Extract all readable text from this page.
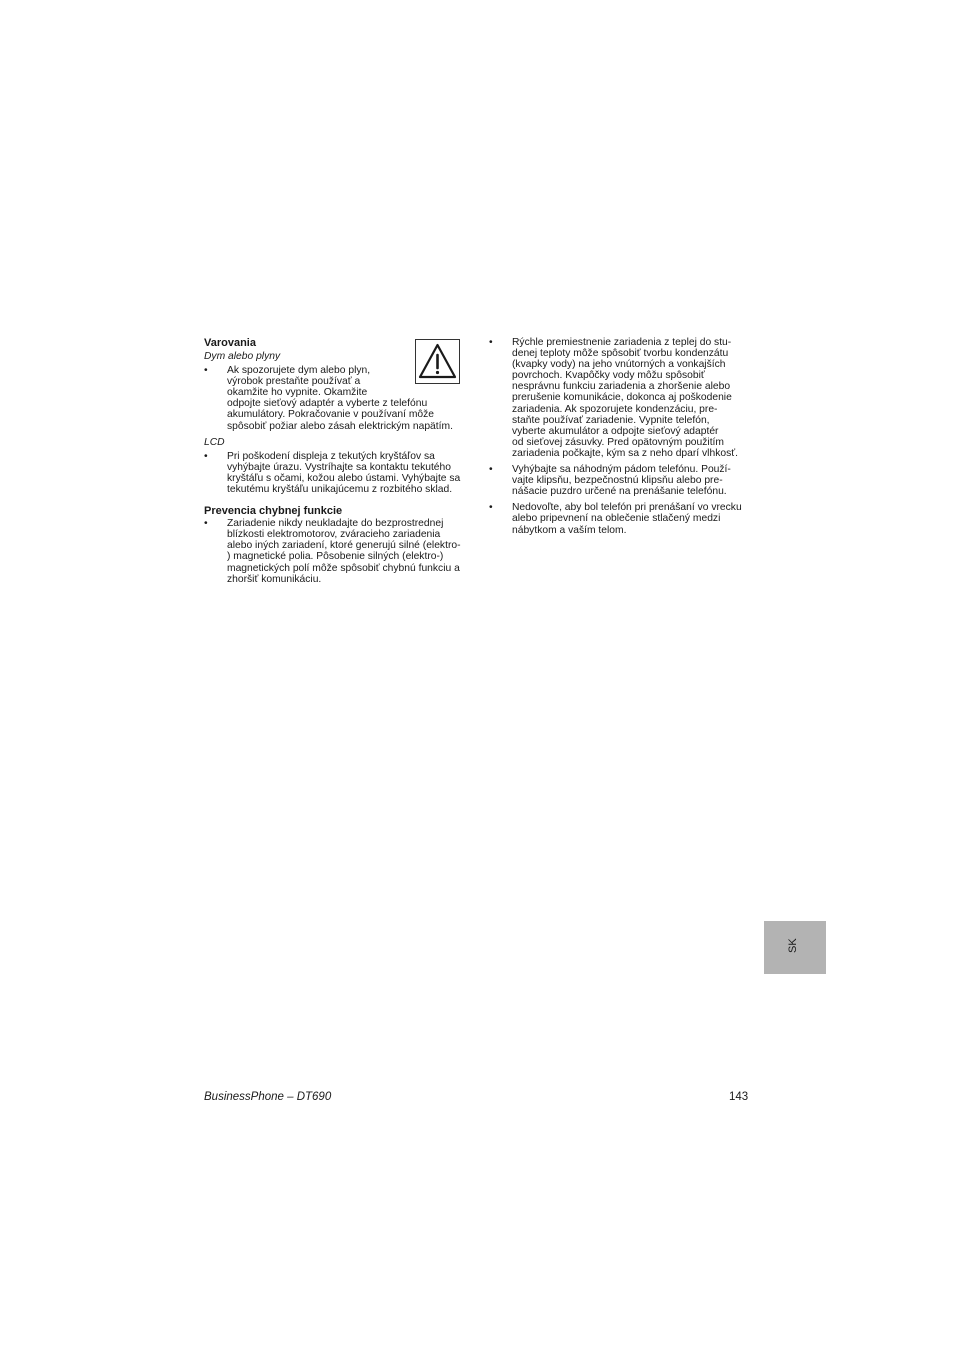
Varovania
Dym alebo plyny
• Ak spozorujete dym alebo plyn,
výrobok prestaňte používať a
okamžite ho vypnite. Okamžite
odpojte sieťový adaptér a vyberte z telefónu
akumulátory. Pokračovanie v používaní môže
spôsobiť požiar alebo zásah elektrickým napätím.
LCD
• Pri poškodení displeja z tekutých kryštáľov sa
vyhýbajte úrazu. Vystríhajte sa kontaktu tekutého
kryštáľu s očami, kožou alebo ústami. Vyhýbajte sa
tekutému kryštáľu unikajúcemu z rozbitého sklad.
Prevencia chybnej funkcie
• Zariadenie nikdy neukladajte do bezprostrednej
blízkosti elektromotorov, zváracieho zariadenia
alebo iných zariadení, ktoré generujú silné (elektro-
) magnetické polia. Pôsobenie silných (elektro-)
magnetických polí môže spôsobiť chybnú funkciu a
zhoršiť komunikáciu.
• Rýchle premiestnenie zariadenia z teplej do stu-
denej teploty môže spôsobiť tvorbu kondenzátu
(kvapky vody) na jeho vnútorných a vonkajších
povrchoch. Kvapôčky vody môžu spôsobiť
nesprávnu funkciu zariadenia a zhoršenie alebo
prerušenie komunikácie, dokonca aj poškodenie
zariadenia. Ak spozorujete kondenzáciu, pre-
staňte používať zariadenie. Vypnite telefón,
vyberte akumulátor a odpojte sieťový adaptér
od sieťovej zásuvky. Pred opätovným použitím
zariadenia počkajte, kým sa z neho dparí vlhkosť.
• Vyhýbajte sa náhodným pádom telefónu. Použí-
vajte klipsňu, bezpečnostnú klipsňu alebo pre-
nášacie puzdro určené na prenášanie telefónu.
• Nedovoľte, aby bol telefón pri prenášaní vo vrecku
alebo pripevnení na oblečenie stlačený medzi
nábytkom a vaším telom.
SK
BusinessPhone – DT690	143
